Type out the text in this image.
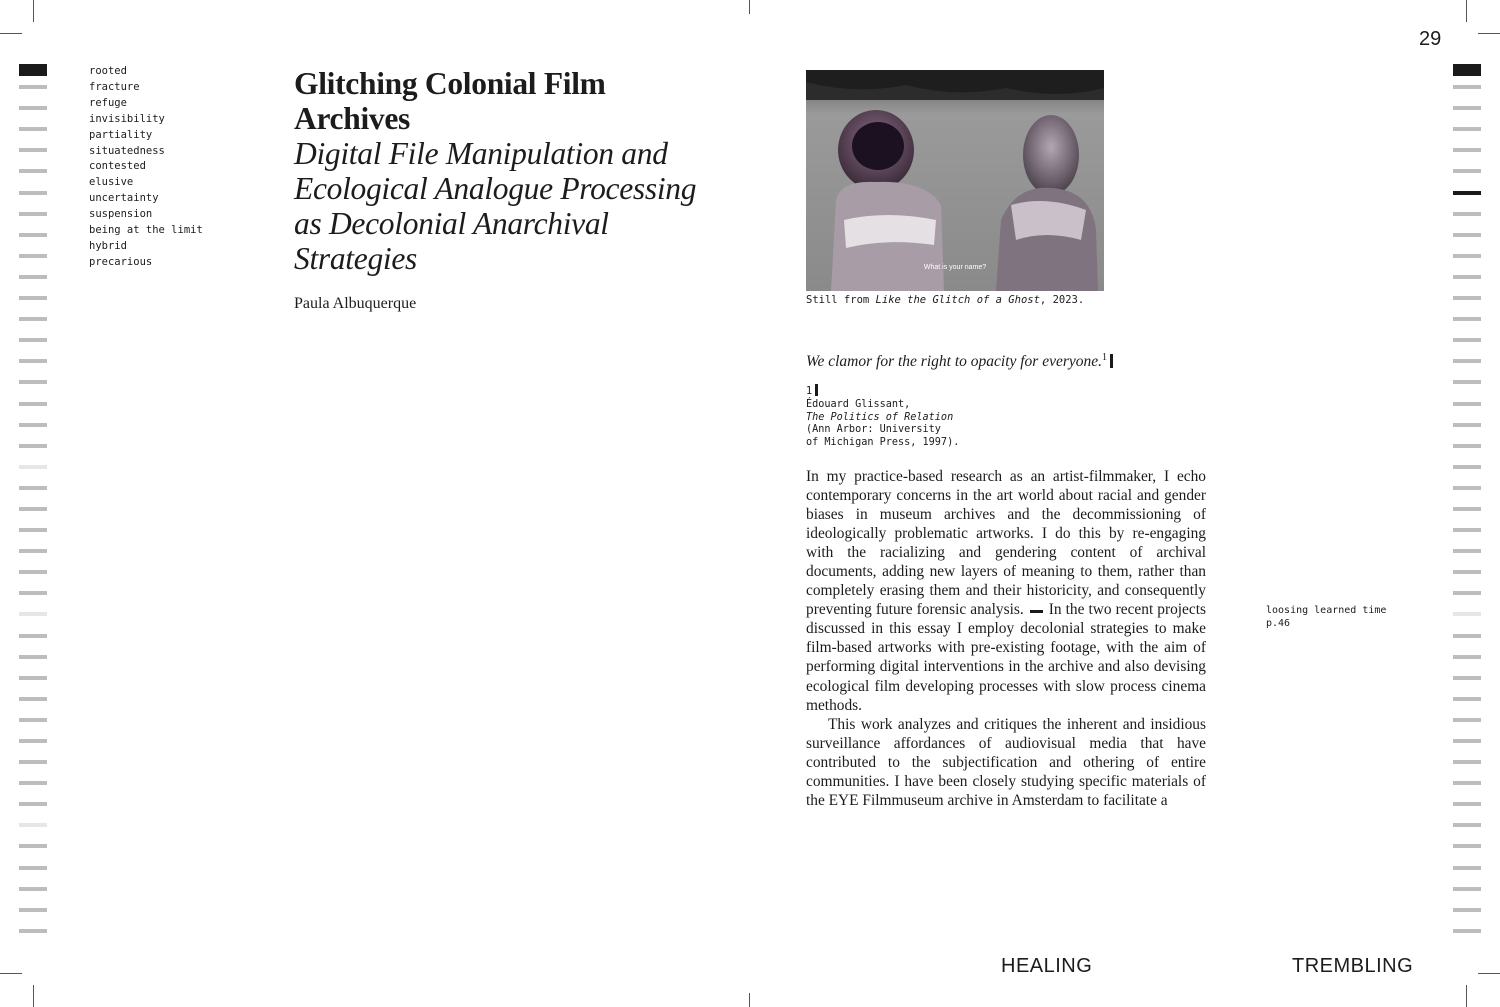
29
rooted
fracture
refuge
invisibility
partiality
situatedness
contested
elusive
uncertainty
suspension
being at the limit
hybrid
precarious
Glitching Colonial Film Archives
Digital File Manipulation and Ecological Analogue Processing as Decolonial Anarchival Strategies
Paula Albuquerque
What is your name?
Still from Like the Glitch of a Ghost, 2023.
We clamor for the right to opacity for everyone.$^1$
1
Édouard Glissant,
The Politics of Relation
(Ann Arbor: University
of Michigan Press, 1997).

In my practice-based research as an artist-filmmaker, I echo contemporary concerns in the art world about racial and gender biases in museum archives and the decommissioning of ideologically problematic artworks. I do this by re-engaging with the racializing and gendering content of archival documents, adding new layers of meaning to them, rather than completely erasing them and their historicity, and consequently preventing future forensic analysis. In the two recent projects discussed in this essay I employ decolonial strategies to make film-based artworks with pre-existing footage, with the aim of performing digital interventions in the archive and also devising ecological film developing processes with slow process cinema methods.

This work analyzes and critiques the inherent and insidious surveillance affordances of audiovisual media that have contributed to the subjectification and othering of entire communities. I have been closely studying specific materials of the EYE Filmmuseum archive in Amsterdam to facilitate a

loosing learned time
p.46
HEALING	TREMBLING
